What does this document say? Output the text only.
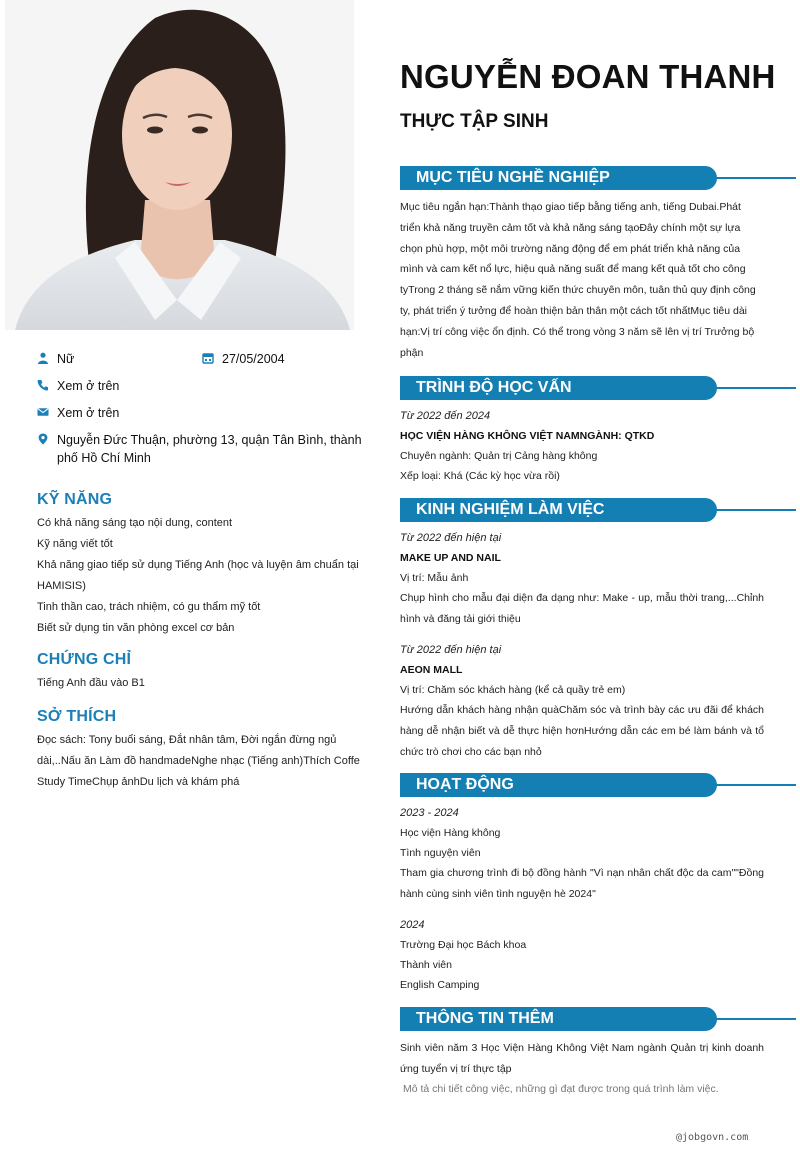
Nữ	27/05/2004
Xem ở trên
Xem ở trên
Nguyễn Đức Thuận, phường 13, quận Tân Bình, thành phố Hồ Chí Minh
KỸ NĂNG
Có khả năng sáng tạo nội dung, content
Kỹ năng viết tốt
Khả năng giao tiếp sử dụng Tiếng Anh (học và luyện âm chuẩn tại HAMISIS)
Tinh thần cao, trách nhiệm, có gu thẩm mỹ tốt
Biết sử dụng tin văn phòng excel cơ bản
CHỨNG CHỈ
Tiếng Anh đầu vào B1
SỞ THÍCH
Đọc sách: Tony buổi sáng, Đắt nhân tâm, Đời ngắn đừng ngủ dài,..Nấu ăn Làm đồ handmadeNghe nhạc (Tiếng anh)Thích Coffe Study TimeChụp ảnhDu lịch và khám phá
NGUYỄN ĐOAN THANH
THỰC TẬP SINH
MỤC TIÊU NGHỀ NGHIỆP
Mục tiêu ngắn hạn:Thành thạo giao tiếp bằng tiếng anh, tiếng Dubai.Phát triển khả năng truyền cảm tốt và khả năng sáng tạoĐây chính một sự lựa chọn phù hợp, một môi trường năng động để em phát triển khả năng của mình và cam kết nổ lực, hiệu quả năng suất để mang kết quả tốt cho công tyTrong 2 tháng sẽ nắm vững kiến thức chuyên môn, tuân thủ quy định công ty, phát triển ý tưởng để hoàn thiện bản thân một cách tốt nhấtMục tiêu dài hạn:Vị trí công việc ổn định. Có thể trong vòng 3 năm sẽ lên vị trí Trưởng bộ phận
TRÌNH ĐỘ HỌC VẤN
Từ 2022 đến 2024
HỌC VIỆN HÀNG KHÔNG VIỆT NAMNGÀNH: QTKD
Chuyên ngành: Quản trị Cảng hàng không
Xếp loại: Khá (Các kỳ học vừa rồi)
KINH NGHIỆM LÀM VIỆC
Từ 2022 đến hiện tại
MAKE UP AND NAIL
Vị trí: Mẫu ảnh
Chụp hình cho mẫu đại diện đa dạng như: Make - up, mẫu thời trang,...Chỉnh hình và đăng tải giới thiệu
Từ 2022 đến hiện tại
AEON MALL
Vị trí: Chăm sóc khách hàng (kể cả quầy trẻ em)
Hướng dẫn khách hàng nhận quàChăm sóc và trình bày các ưu đãi để khách hàng dễ nhận biết và dễ thực hiện hơnHướng dẫn các em bé làm bánh và tổ chức trò chơi cho các bạn nhỏ
HOẠT ĐỘNG
2023 - 2024
Học viện Hàng không
Tình nguyện viên
Tham gia chương trình đi bộ đồng hành "Vì nạn nhân chất độc da cam""Đồng hành cùng sinh viên tình nguyện hè 2024"
2024
Trường Đại học Bách khoa
Thành viên
English Camping
THÔNG TIN THÊM
Sinh viên năm 3 Học Viện Hàng Không Việt Nam ngành Quản trị kinh doanh ứng tuyển vị trí thực tập
Mô tả chi tiết công việc, những gì đạt được trong quá trình làm việc.
@jobgovn.com
